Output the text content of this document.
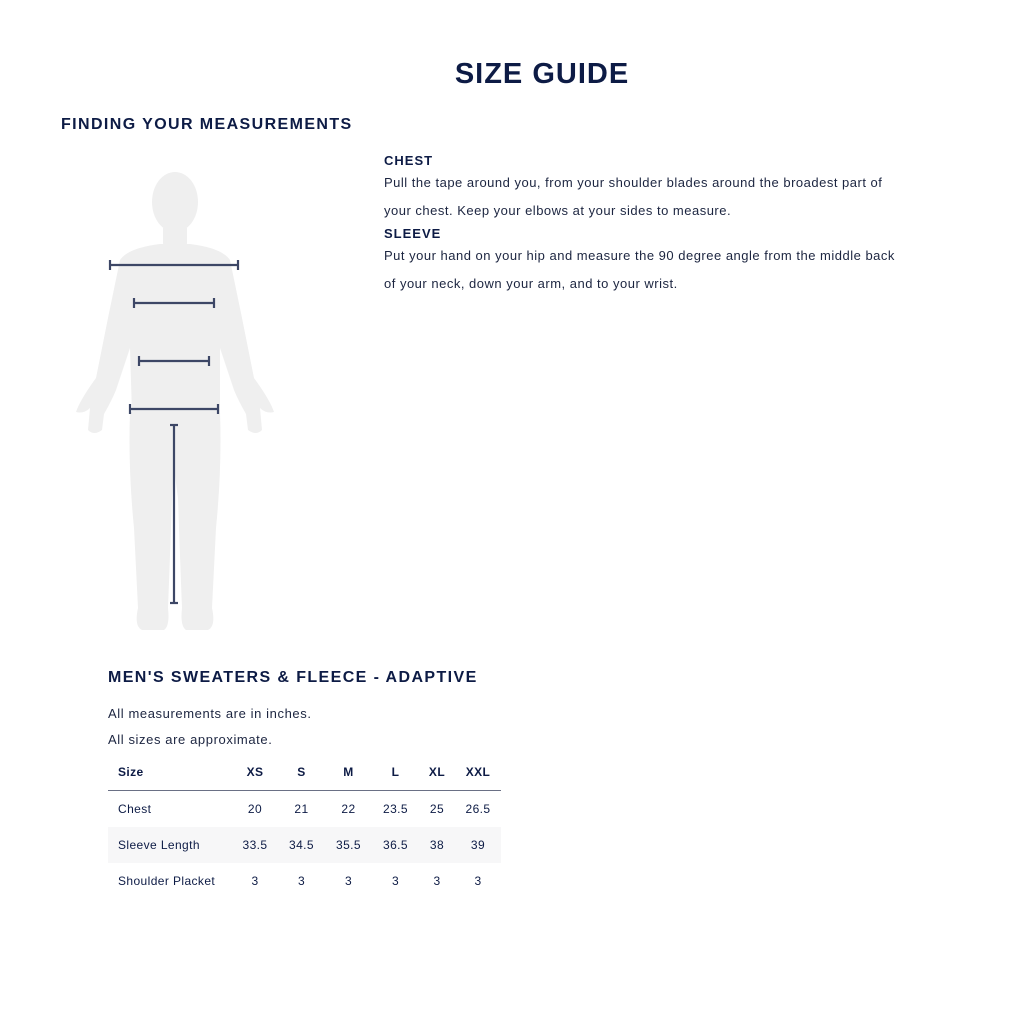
SIZE GUIDE
FINDING YOUR MEASUREMENTS

CHEST

Pull the tape around you, from your shoulder blades around the broadest part of

your chest. Keep your elbows at your sides to measure.

SLEEVE

Put your hand on your hip and measure the 90 degree angle from the middle back

of your neck, down your arm, and to your wrist.

MEN'S SWEATERS & FLEECE - ADAPTIVE

All measurements are in inches.

All sizes are approximate.

Size	XS	S	M	L	XL	XXL
Chest	20	21	22	23.5	25	26.5
Sleeve Length	33.5	34.5	35.5	36.5	38	39
Shoulder Placket	3	3	3	3	3	3
